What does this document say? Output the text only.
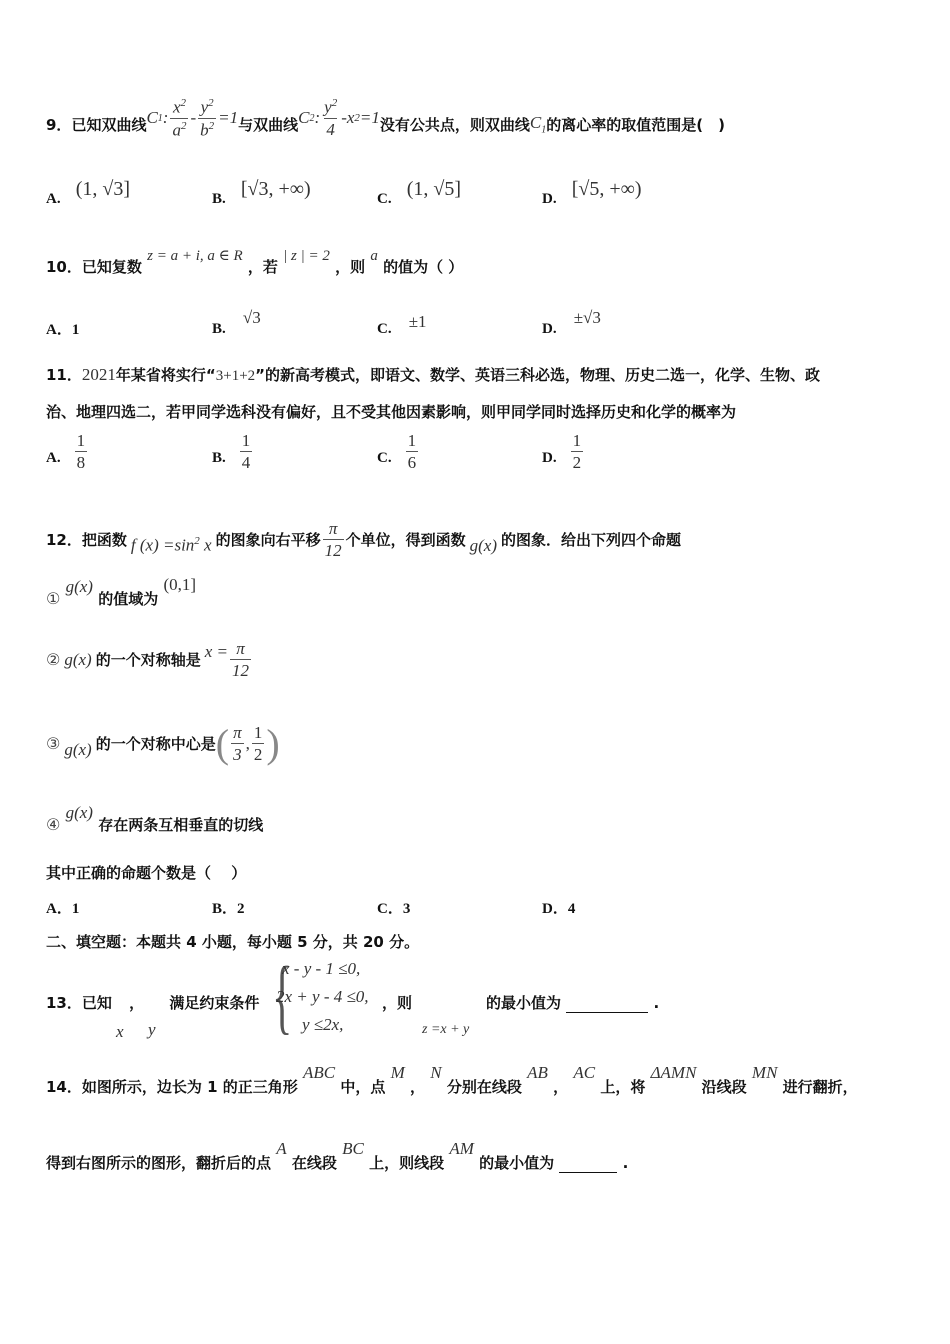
9． 已知双曲线 C 1 : $\frac{x^2}{a^2} - \frac{y^2}{b^2} =1$ 与双曲线 C 2 : $\frac{y^2}{4}$ - x 2 =1 没有公共点，则双曲线 $C_1$ 的离心率的取值范围是(　)
A. (1, √3]	B. [√3, +∞)	C. (1, √5]	D. [√5, +∞)
10．已知复数 z = a + i, a ∈ R ，若 | z | = 2 ，则 a 的值为（ ）
A．1	B. √3
C. ±1	D. ±√3
11．2021年某省将实行“3+1+2”的新高考模式，即语文、数学、英语三科必选，物理、历史二选一，化学、生物、政
治、地理四选二，若甲同学选科没有偏好，且不受其他因素影响，则甲同学同时选择历史和化学的概率为
A. $\frac{1}{8}$	B. $\frac{1}{4}$	C. $\frac{1}{6}$	D. $\frac{1}{2}$
12． 把函数 f $(x) =\sin^2$ x 的图象向右平移 $\frac{\pi}{12}$ 个单位，得到函数 g(x) 的图象．给出下列四个命题
① g(x) 的值域为 (0,1]
② g(x) 的一个对称轴是 $x = \frac{\pi}{12}$
③ g(x) 的一个对称中心是 ( $\frac{\pi}{3}$ , $\frac{1}{2}$ )
④ g(x) 存在两条互相垂直的切线
其中正确的命题个数是（　 ）
A．1	B．2	C．3	D．4
二、填空题：本题共 4 小题，每小题 5 分，共 20 分。
13．已知 ， 满足约束条件
x y {
x - y - 1 ≤0,
2x + y - 4 ≤0,
y ≤2x,
，则
z =x + y
的最小值为	.
14．如图所示，边长为 1 的正三角形 ABC 中，点 M ， N 分别在线段 AB ， AC 上，将 ΔAMN 沿线段 MN 进行翻折，
得到右图所示的图形，翻折后的点 A 在线段 BC 上，则线段 AM 的最小值为	.
